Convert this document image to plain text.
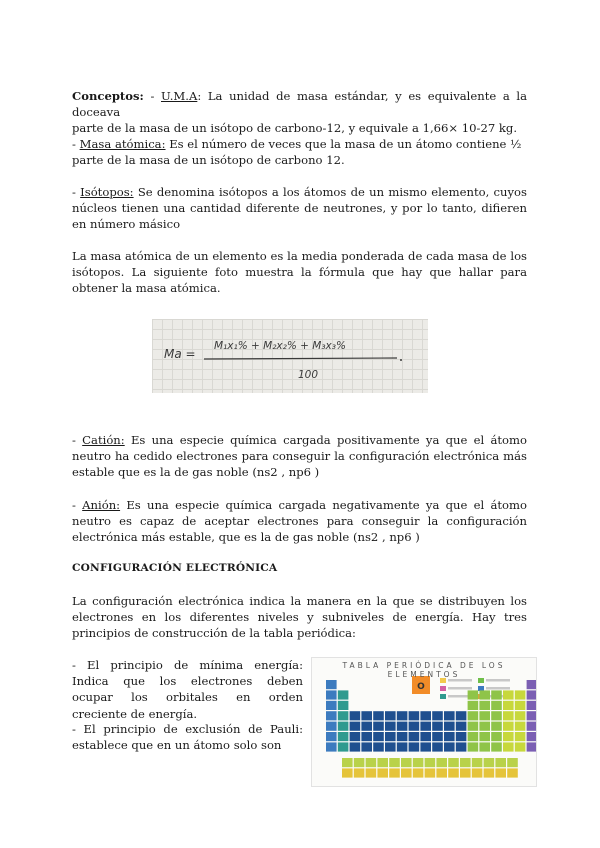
Conceptos: - U.M.A: La unidad de masa estándar, y es equivalente a la doceava
parte de la masa de un isótopo de carbono-12, y equivale a 1,66× 10-27 kg.

- Masa atómica: Es el número de veces que la masa de un átomo contiene ½
parte de la masa de un isótopo de carbono 12.

- Isótopos: Se denomina isótopos a los átomos de un mismo elemento, cuyos núcleos tienen una cantidad diferente de neutrones, y por lo tanto, difieren en número másico

La masa atómica de un elemento es la media ponderada de cada masa de los isótopos. La siguiente foto muestra la fórmula que hay que hallar para obtener la masa atómica.

- Catión: Es una especie química cargada positivamente ya que el átomo neutro ha cedido electrones para conseguir la configuración electrónica más estable que es la de gas noble (ns2 , np6 )

- Anión: Es una especie química cargada negativamente ya que el átomo neutro es capaz de aceptar electrones para conseguir la configuración electrónica más estable, que es la de gas noble (ns2 , np6 )

CONFIGURACIÓN ELECTRÓNICA

La configuración electrónica indica la manera en la que se distribuyen los electrones en los diferentes niveles y subniveles de energía. Hay tres principios de construcción de la tabla periódica:

- El principio de mínima energía: Indica que los electrones deben ocupar los orbitales en orden creciente de energía.

- El principio de exclusión de Pauli: establece que en un átomo solo son

Ma =
M₁x₁% + M₂x₂% + M₃x₃%
100
O
TABLA PERIÓDICA DE LOS ELEMENTOS
